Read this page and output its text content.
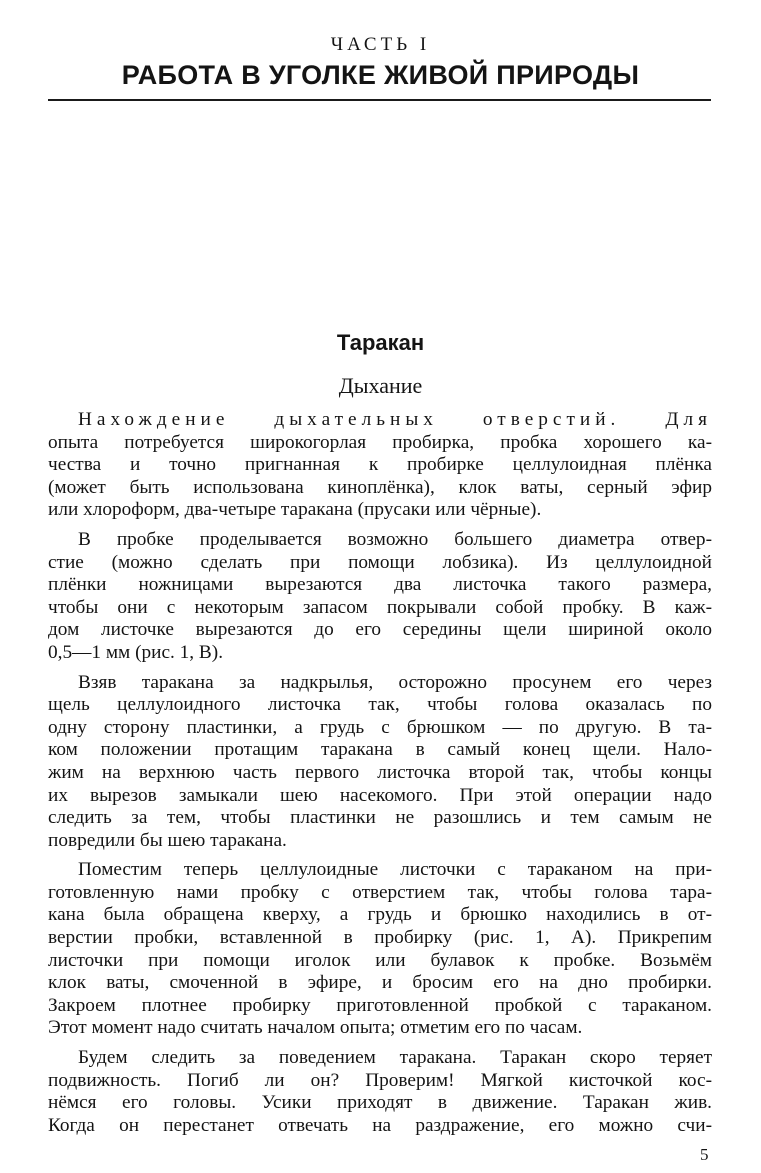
ЧАСТЬ I
РАБОТА В УГОЛКЕ ЖИВОЙ ПРИРОДЫ
Таракан
Дыхание

Нахождение дыхательных отверстий. Для
опыта потребуется широкогорлая пробирка, пробка хорошего ка-
чества и точно пригнанная к пробирке целлулоидная плёнка
(может быть использована киноплёнка), клок ваты, серный эфир
или хлороформ, два-четыре таракана (прусаки или чёрные).

В пробке проделывается возможно большего диаметра отвер-
стие (можно сделать при помощи лобзика). Из целлулоидной
плёнки ножницами вырезаются два листочка такого размера,
чтобы они с некоторым запасом покрывали собой пробку. В каж-
дом листочке вырезаются до его середины щели шириной около
0,5—1 мм (рис. 1, В).

Взяв таракана за надкрылья, осторожно просунем его через
щель целлулоидного листочка так, чтобы голова оказалась по
одну сторону пластинки, а грудь с брюшком — по другую. В та-
ком положении протащим таракана в самый конец щели. Нало-
жим на верхнюю часть первого листочка второй так, чтобы концы
их вырезов замыкали шею насекомого. При этой операции надо
следить за тем, чтобы пластинки не разошлись и тем самым не
повредили бы шею таракана.

Поместим теперь целлулоидные листочки с тараканом на при-
готовленную нами пробку с отверстием так, чтобы голова тара-
кана была обращена кверху, а грудь и брюшко находились в от-
верстии пробки, вставленной в пробирку (рис. 1, А). Прикрепим
листочки при помощи иголок или булавок к пробке. Возьмём
клок ваты, смоченной в эфире, и бросим его на дно пробирки.
Закроем плотнее пробирку приготовленной пробкой с тараканом.
Этот момент надо считать началом опыта; отметим его по часам.

Будем следить за поведением таракана. Таракан скоро теряет
подвижность. Погиб ли он? Проверим! Мягкой кисточкой кос-
нёмся его головы. Усики приходят в движение. Таракан жив.
Когда он перестанет отвечать на раздражение, его можно счи-

5
